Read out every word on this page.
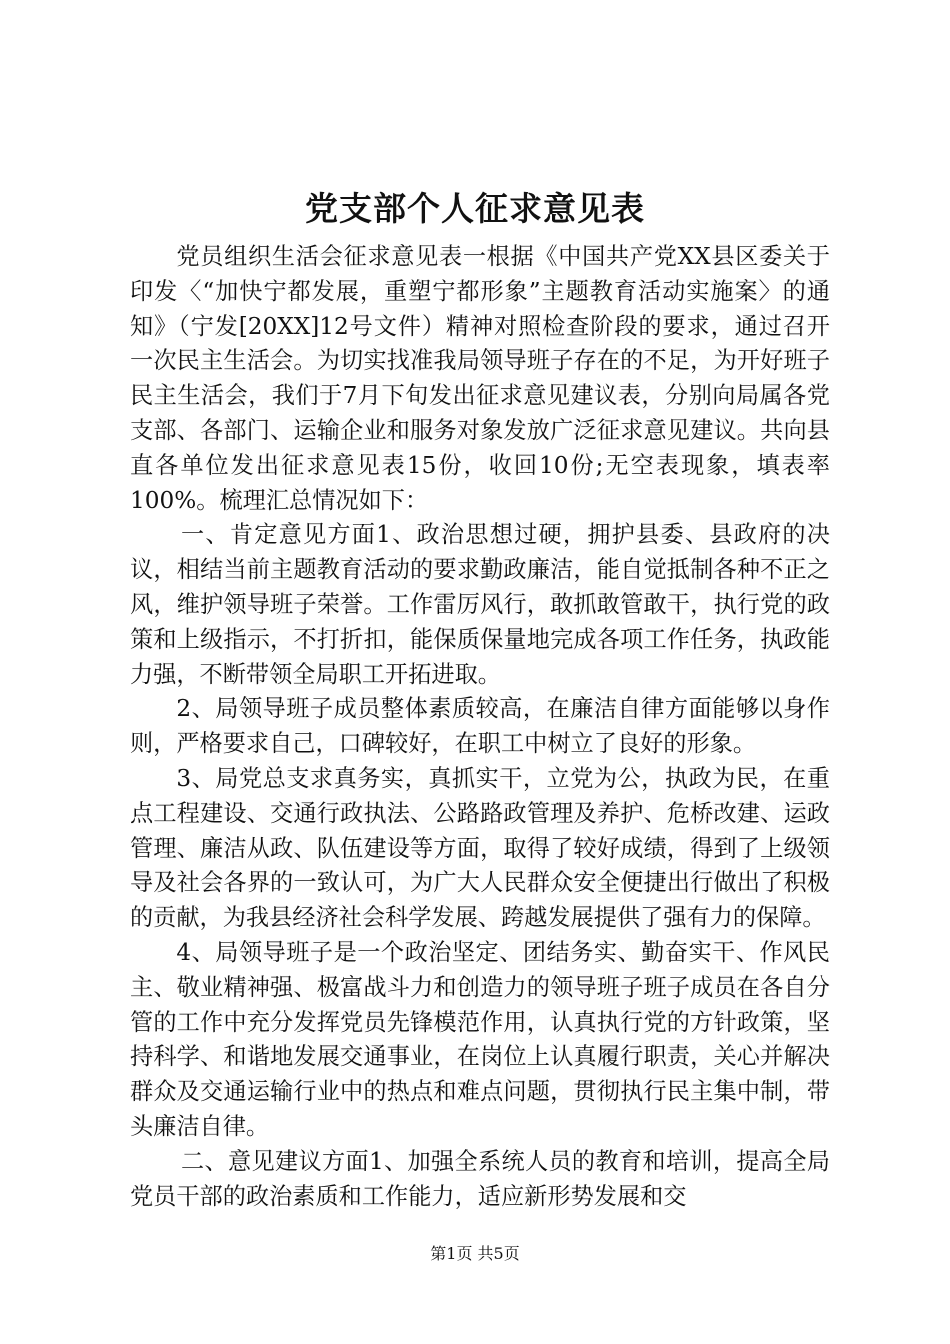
党支部个人征求意见表

党员组织生活会征求意见表一根据《中国共产党XX县区委关于印发〈“加快宁都发展，重塑宁都形象”主题教育活动实施案〉的通知》（宁发[20XX]12号文件）精神对照检查阶段的要求，通过召开一次民主生活会。为切实找准我局领导班子存在的不足，为开好班子民主生活会，我们于7月下旬发出征求意见建议表，分别向局属各党支部、各部门、运输企业和服务对象发放广泛征求意见建议。共向县直各单位发出征求意见表15份，收回10份;无空表现象，填表率100%。梳理汇总情况如下：

一、肯定意见方面1、政治思想过硬，拥护县委、县政府的决议，相结当前主题教育活动的要求勤政廉洁，能自觉抵制各种不正之风，维护领导班子荣誉。工作雷厉风行，敢抓敢管敢干，执行党的政策和上级指示，不打折扣，能保质保量地完成各项工作任务，执政能力强，不断带领全局职工开拓进取。

2、局领导班子成员整体素质较高，在廉洁自律方面能够以身作则，严格要求自己，口碑较好，在职工中树立了良好的形象。

3、局党总支求真务实，真抓实干，立党为公，执政为民，在重点工程建设、交通行政执法、公路路政管理及养护、危桥改建、运政管理、廉洁从政、队伍建设等方面，取得了较好成绩，得到了上级领导及社会各界的一致认可，为广大人民群众安全便捷出行做出了积极的贡献，为我县经济社会科学发展、跨越发展提供了强有力的保障。

4、局领导班子是一个政治坚定、团结务实、勤奋实干、作风民主、敬业精神强、极富战斗力和创造力的领导班子班子成员在各自分管的工作中充分发挥党员先锋模范作用，认真执行党的方针政策，坚持科学、和谐地发展交通事业，在岗位上认真履行职责，关心并解决群众及交通运输行业中的热点和难点问题，贯彻执行民主集中制，带头廉洁自律。

二、意见建议方面1、加强全系统人员的教育和培训，提高全局党员干部的政治素质和工作能力，适应新形势发展和交

第1页 共5页
